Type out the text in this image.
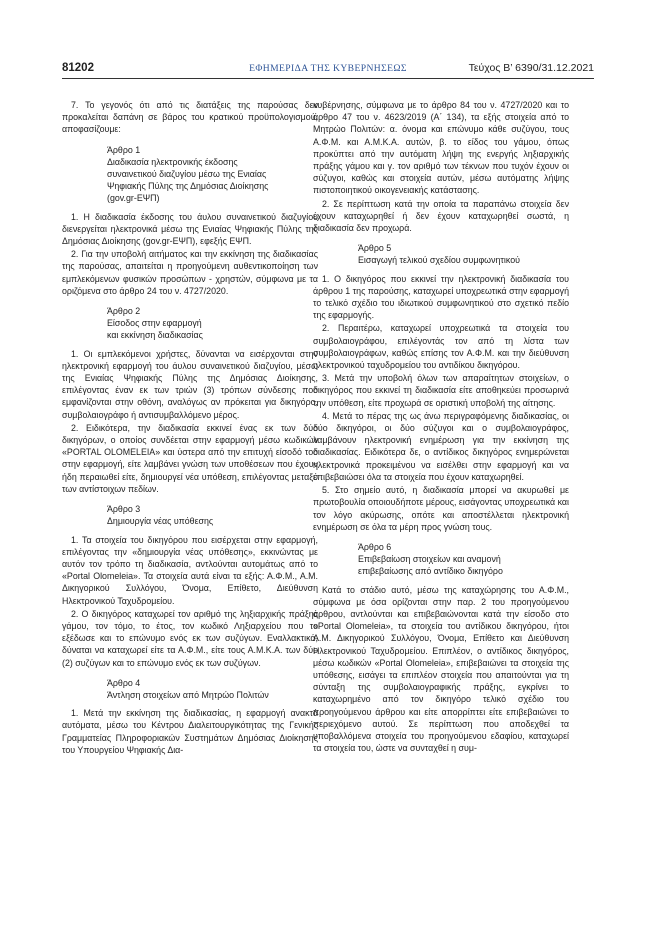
81202	ΕΦΗΜΕΡΙΔΑ ΤΗΣ ΚΥΒΕΡΝΗΣΕΩΣ	Τεύχος Β’ 6390/31.12.2021

7. Το γεγονός ότι από τις διατάξεις της παρούσας δεν προκαλείται δαπάνη σε βάρος του κρατικού προϋπολογισμού, αποφασίζουμε:

Άρθρο 1
Διαδικασία ηλεκτρονικής έκδοσης
συναινετικού διαζυγίου μέσω της Ενιαίας
Ψηφιακής Πύλης της Δημόσιας Διοίκησης
(gov.gr-ΕΨΠ)

1. Η διαδικασία έκδοσης του άυλου συναινετικού διαζυγίου διενεργείται ηλεκτρονικά μέσω της Ενιαίας Ψηφιακής Πύλης της Δημόσιας Διοίκησης (gov.gr-ΕΨΠ), εφεξής ΕΨΠ.

2. Για την υποβολή αιτήματος και την εκκίνηση της διαδικασίας της παρούσας, απαιτείται η προηγούμενη αυθεντικοποίηση των εμπλεκόμενων φυσικών προσώπων - χρηστών, σύμφωνα με τα οριζόμενα στο άρθρο 24 του ν. 4727/2020.

Άρθρο 2
Είσοδος στην εφαρμογή
και εκκίνηση διαδικασίας

1. Οι εμπλεκόμενοι χρήστες, δύνανται να εισέρχονται στην ηλεκτρονική εφαρμογή του άυλου συναινετικού διαζυγίου, μέσω της Ενιαίας Ψηφιακής Πύλης της Δημόσιας Διοίκησης, επιλέγοντας έναν εκ των τριών (3) τρόπων σύνδεσης που εμφανίζονται στην οθόνη, αναλόγως αν πρόκειται για δικηγόρο, συμβολαιογράφο ή αντισυμβαλλόμενο μέρος.

2. Ειδικότερα, την διαδικασία εκκινεί ένας εκ των δύο δικηγόρων, ο οποίος συνδέεται στην εφαρμογή μέσω κωδικών «PORTAL OLOMELEIA» και ύστερα από την επιτυχή είσοδό του στην εφαρμογή, είτε λαμβάνει γνώση των υποθέσεων που έχουν ήδη περαιωθεί είτε, δημιουργεί νέα υπόθεση, επιλέγοντας μεταξύ των αντίστοιχων πεδίων.

Άρθρο 3
Δημιουργία νέας υπόθεσης

1. Τα στοιχεία του δικηγόρου που εισέρχεται στην εφαρμογή, επιλέγοντας την «δημιουργία νέας υπόθεσης», εκκινώντας με αυτόν τον τρόπο τη διαδικασία, αντλούνται αυτομάτως από το «Portal Olomeleia». Τα στοιχεία αυτά είναι τα εξής: Α.Φ.Μ., Α.Μ. Δικηγορικού Συλλόγου, Όνομα, Επίθετο, Διεύθυνση Ηλεκτρονικού Ταχυδρομείου.

2. Ο δικηγόρος καταχωρεί τον αριθμό της ληξιαρχικής πράξης γάμου, τον τόμο, το έτος, τον κωδικό Ληξιαρχείου που το εξέδωσε και το επώνυμο ενός εκ των συζύγων. Εναλλακτικά, δύναται να καταχωρεί είτε τα Α.Φ.Μ., είτε τους Α.Μ.Κ.Α. των δύο (2) συζύγων και το επώνυμο ενός εκ των συζύγων.

Άρθρο 4
Άντληση στοιχείων από Μητρώο Πολιτών

1. Μετά την εκκίνηση της διαδικασίας, η εφαρμογή ανακτά αυτόματα, μέσω του Κέντρου Διαλειτουργικότητας της Γενικής Γραμματείας Πληροφοριακών Συστημάτων Δημόσιας Διοίκησης του Υπουργείου Ψηφιακής Δια-

κυβέρνησης, σύμφωνα με το άρθρο 84 του ν. 4727/2020 και το άρθρο 47 του ν. 4623/2019 (Α΄ 134), τα εξής στοιχεία από το Μητρώο Πολιτών: α. όνομα και επώνυμο κάθε συζύγου, τους Α.Φ.Μ. και Α.Μ.Κ.Α. αυτών, β. το είδος του γάμου, όπως προκύπτει από την αυτόματη λήψη της ενεργής ληξιαρχικής πράξης γάμου και γ. τον αριθμό των τέκνων που τυχόν έχουν οι σύζυγοι, καθώς και στοιχεία αυτών, μέσω αυτόματης λήψης πιστοποιητικού οικογενειακής κατάστασης.

2. Σε περίπτωση κατά την οποία τα παραπάνω στοιχεία δεν έχουν καταχωρηθεί ή δεν έχουν καταχωρηθεί σωστά, η διαδικασία δεν προχωρά.

Άρθρο 5
Εισαγωγή τελικού σχεδίου συμφωνητικού

1. Ο δικηγόρος που εκκινεί την ηλεκτρονική διαδικασία του άρθρου 1 της παρούσης, καταχωρεί υποχρεωτικά στην εφαρμογή το τελικό σχέδιο του ιδιωτικού συμφωνητικού στο σχετικό πεδίο της εφαρμογής.

2. Περαιτέρω, καταχωρεί υποχρεωτικά τα στοιχεία του συμβολαιογράφου, επιλέγοντάς τον από τη λίστα των συμβολαιογράφων, καθώς επίσης τον Α.Φ.Μ. και την διεύθυνση ηλεκτρονικού ταχυδρομείου του αντιδίκου δικηγόρου.

3. Μετά την υποβολή όλων των απαραίτητων στοιχείων, ο δικηγόρος που εκκινεί τη διαδικασία είτε αποθηκεύει προσωρινά την υπόθεση, είτε προχωρά σε οριστική υποβολή της αίτησης.

4. Μετά το πέρας της ως άνω περιγραφόμενης διαδικασίας, οι δύο δικηγόροι, οι δύο σύζυγοι και ο συμβολαιογράφος, λαμβάνουν ηλεκτρονική ενημέρωση για την εκκίνηση της διαδικασίας. Ειδικότερα δε, ο αντίδικος δικηγόρος ενημερώνεται ηλεκτρονικά προκειμένου να εισέλθει στην εφαρμογή και να επιβεβαιώσει όλα τα στοιχεία που έχουν καταχωρηθεί.

5. Στο σημείο αυτό, η διαδικασία μπορεί να ακυρωθεί με πρωτοβουλία οποιουδήποτε μέρους, εισάγοντας υποχρεωτικά και τον λόγο ακύρωσης, οπότε και αποστέλλεται ηλεκτρονική ενημέρωση σε όλα τα μέρη προς γνώση τους.

Άρθρο 6
Επιβεβαίωση στοιχείων και αναμονή
επιβεβαίωσης από αντίδικο δικηγόρο

Κατά το στάδιο αυτό, μέσω της καταχώρησης του Α.Φ.Μ., σύμφωνα με όσα ορίζονται στην παρ. 2 του προηγούμενου άρθρου, αντλούνται και επιβεβαιώνονται κατά την είσοδο στο «Portal Olomeleia», τα στοιχεία του αντίδικου δικηγόρου, ήτοι Α.Μ. Δικηγορικού Συλλόγου, Όνομα, Επίθετο και Διεύθυνση Ηλεκτρονικού Ταχυδρομείου. Επιπλέον, ο αντίδικος δικηγόρος, μέσω κωδικών «Portal Olomeleia», επιβεβαιώνει τα στοιχεία της υπόθεσης, εισάγει τα επιπλέον στοιχεία που απαιτούνται για τη σύνταξη της συμβολαιογραφικής πράξης, εγκρίνει το καταχωρημένο από τον δικηγόρο τελικό σχέδιο του προηγούμενου άρθρου και είτε απορρίπτει είτε επιβεβαιώνει το περιεχόμενο αυτού. Σε περίπτωση που αποδεχθεί τα υποβαλλόμενα στοιχεία του προηγούμενου εδαφίου, καταχωρεί τα στοιχεία του, ώστε να συνταχθεί η συμ-
